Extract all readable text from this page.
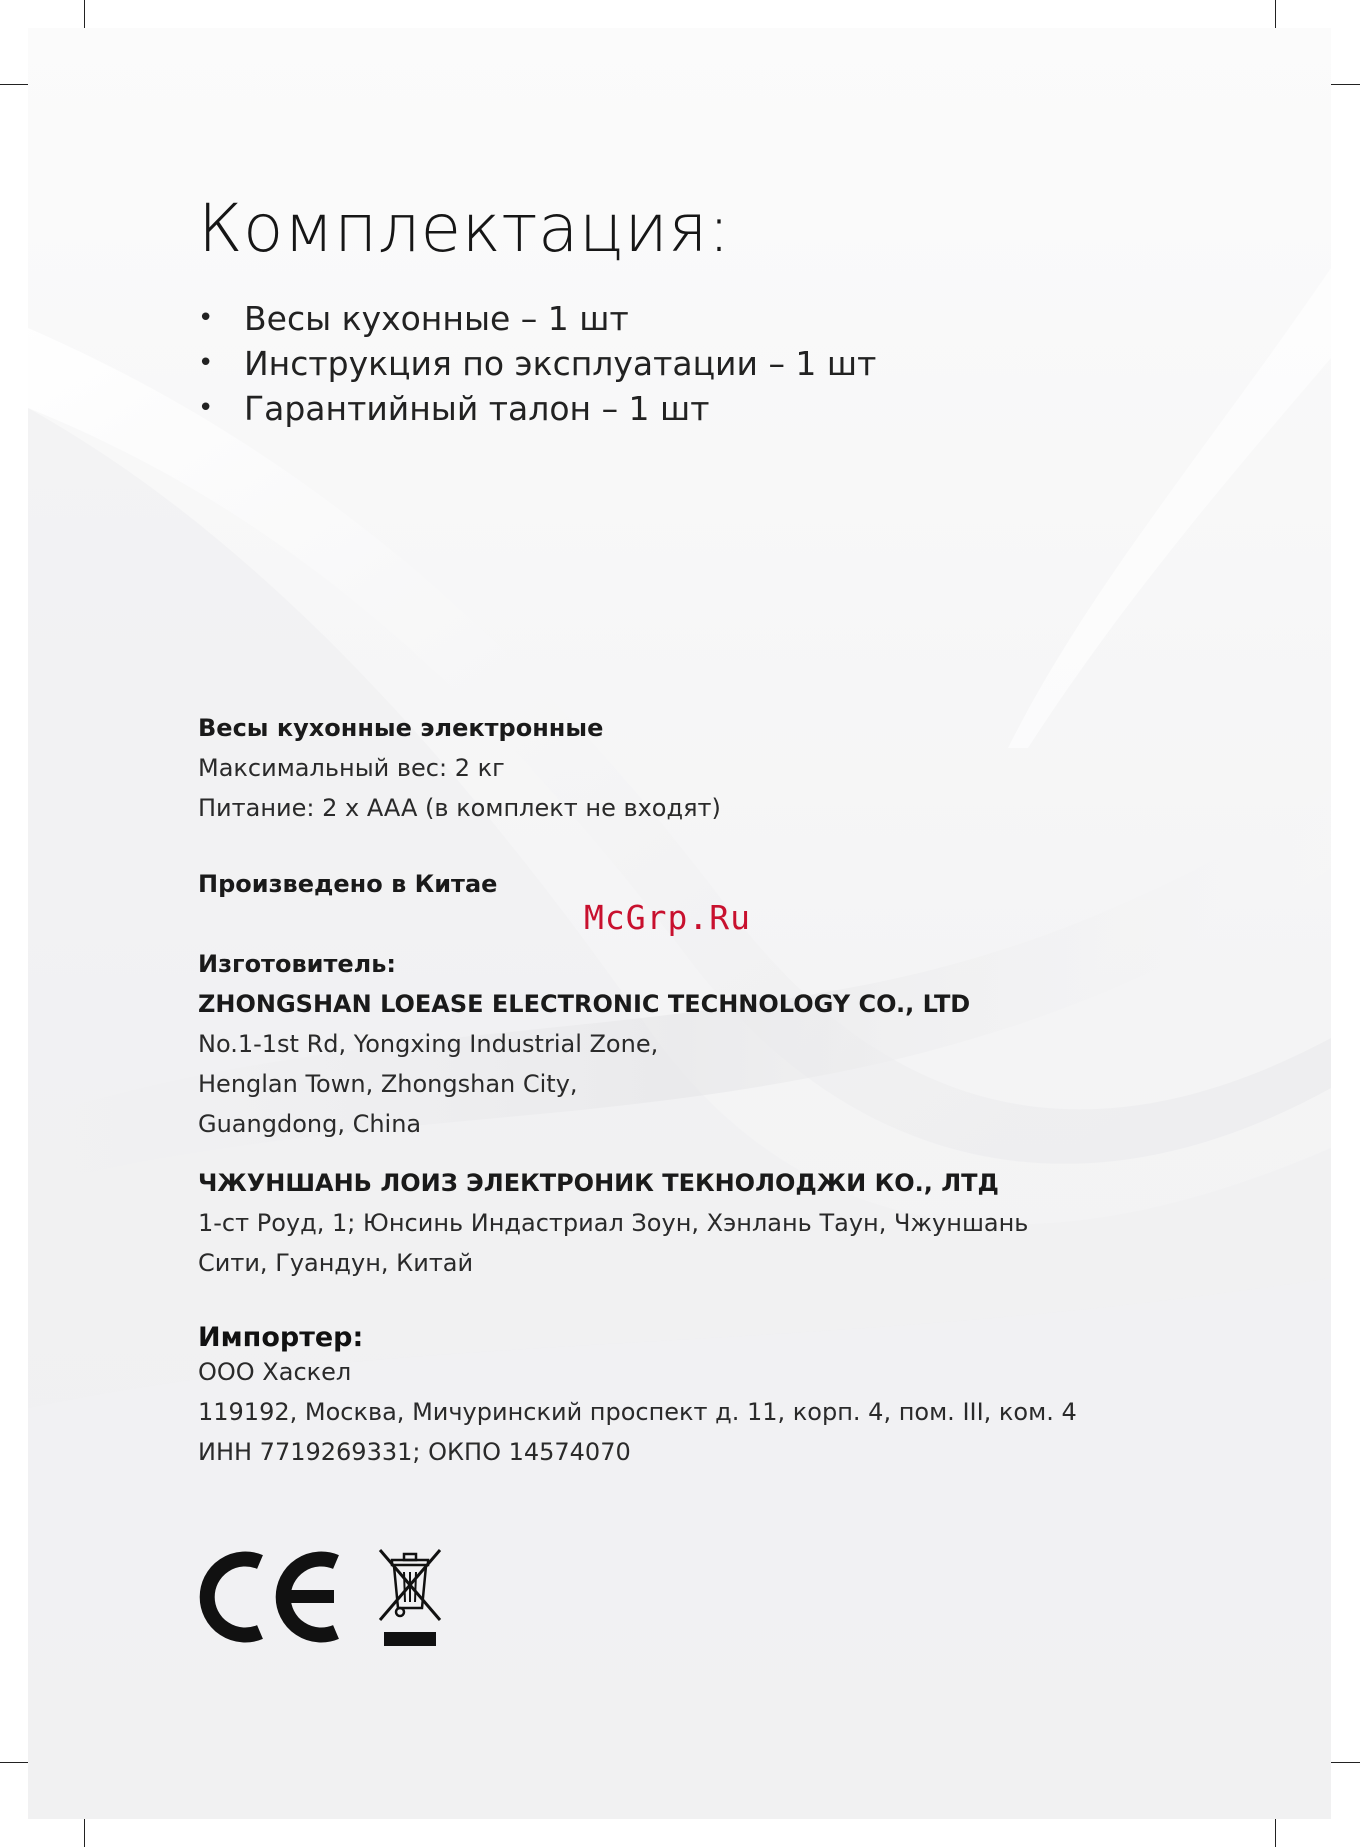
Комплектация:
• Весы кухонные – 1 шт
• Инструкция по эксплуатации – 1 шт
• Гарантийный талон – 1 шт
Весы кухонные электронные
Максимальный вес: 2 кг
Питание: 2 x AAA (в комплект не входят)
Произведено в Китае
McGrp.Ru
Изготовитель:
ZHONGSHAN LOEASE ELECTRONIC TECHNOLOGY CO., LTD
No.1-1st Rd, Yongxing Industrial Zone,
Henglan Town, Zhongshan City,
Guangdong, China
ЧЖУНШАНЬ ЛОИЗ ЭЛЕКТРОНИК ТЕКНОЛОДЖИ КО., ЛТД
1-ст Роуд, 1; Юнсинь Индастриал Зоун, Хэнлань Таун, Чжуншань
Сити, Гуандун, Китай
Импортер:
ООО Хаскел
119192, Москва, Мичуринский проспект д. 11, корп. 4, пом. III, ком. 4
ИНН 7719269331; ОКПО 14574070
